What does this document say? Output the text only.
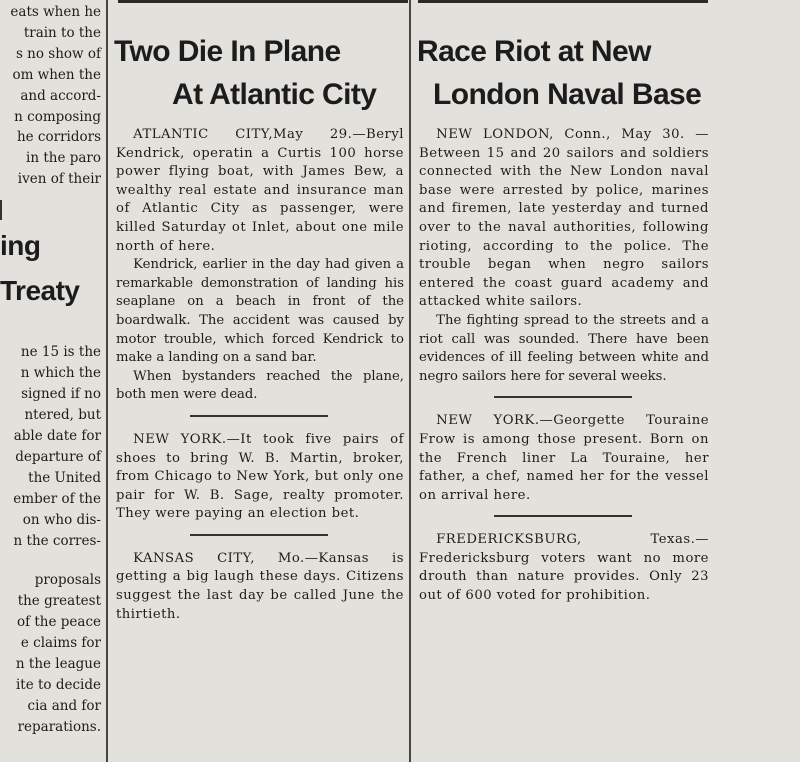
eats when he
train to the
s no show of
om when the
and accord-
n composing
he corridors
in the paro
iven of their
ing
Treaty
ne 15 is the
n which the
signed if no
ntered, but
able date for
departure of
the United
ember of the
on who dis-
n the corres-
proposals
the greatest
of the peace
e claims for
n the league
ite to decide
cia and for
reparations.
Two Die In Plane
At Atlantic City

ATLANTIC CITY,May 29.—Beryl Kendrick, operatin a Curtis 100 horse power flying boat, with James Bew, a wealthy real estate and insurance man of Atlantic City as passenger, were killed Saturday ot Inlet, about one mile north of here.

Kendrick, earlier in the day had given a remarkable demonstration of landing his seaplane on a beach in front of the boardwalk. The accident was caused by motor trouble, which forced Kendrick to make a landing on a sand bar.

When bystanders reached the plane, both men were dead.

NEW YORK.—It took five pairs of shoes to bring W. B. Martin, broker, from Chicago to New York, but only one pair for W. B. Sage, realty promoter. They were paying an election bet.

KANSAS CITY, Mo.—Kansas is getting a big laugh these days. Citizens suggest the last day be called June the thirtieth.

Race Riot at New
London Naval Base

NEW LONDON, Conn., May 30. —Between 15 and 20 sailors and soldiers connected with the New London naval base were arrested by police, marines and firemen, late yesterday and turned over to the naval authorities, following rioting, according to the police. The trouble began when negro sailors entered the coast guard academy and attacked white sailors.

The fighting spread to the streets and a riot call was sounded. There have been evidences of ill feeling between white and negro sailors here for several weeks.

NEW YORK.—Georgette Touraine Frow is among those present. Born on the French liner La Touraine, her father, a chef, named her for the vessel on arrival here.

FREDERICKSBURG, Texas.—Fredericksburg voters want no more drouth than nature provides. Only 23 out of 600 voted for prohibition.
